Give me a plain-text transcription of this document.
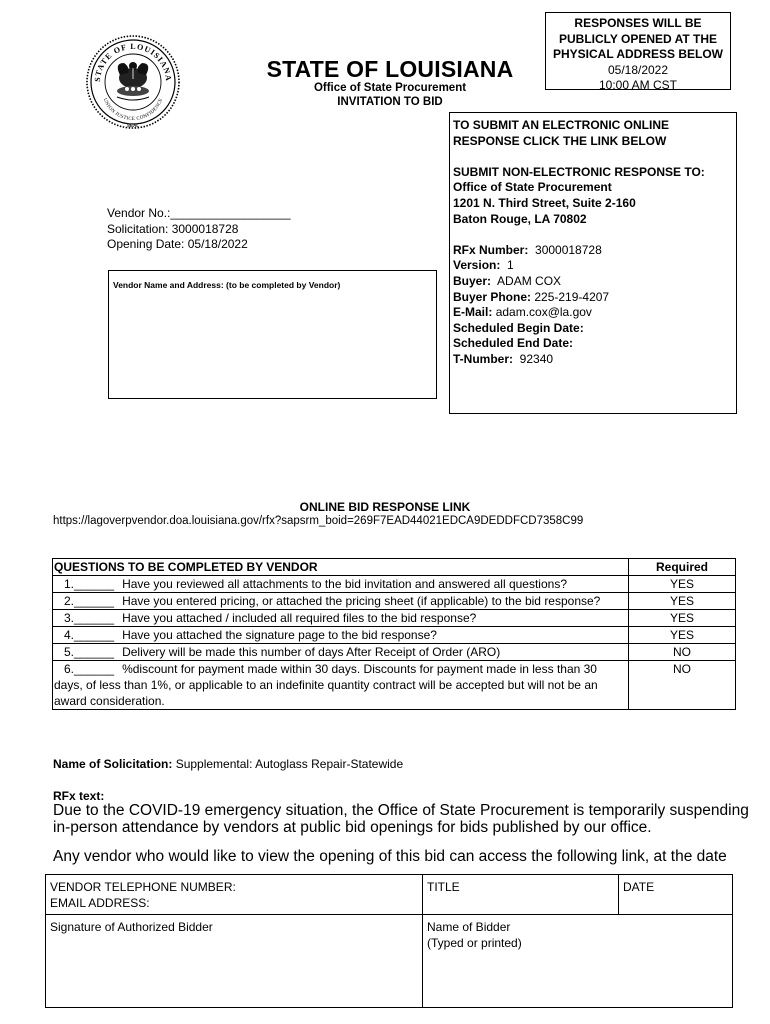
STATE OF LOUISIANA
UNION JUSTICE CONFIDENCE
SEAL
STATE OF LOUISIANA
Office of State Procurement
INVITATION TO BID
RESPONSES WILL BE
PUBLICLY OPENED AT THE
PHYSICAL ADDRESS BELOW
05/18/2022
10:00 AM CST
TO SUBMIT AN ELECTRONIC ONLINE
RESPONSE CLICK THE LINK BELOW
SUBMIT NON-ELECTRONIC RESPONSE TO:
Office of State Procurement
1201 N. Third Street, Suite 2-160
Baton Rouge, LA 70802
RFx Number: 3000018728
Version: 1
Buyer: ADAM COX
Buyer Phone: 225-219-4207
E-Mail: adam.cox@la.gov
Scheduled Begin Date:
Scheduled End Date:
T-Number: 92340
Vendor No.:__________________
Solicitation: 3000018728
Opening Date: 05/18/2022
Vendor Name and Address: (to be completed by Vendor)
ONLINE BID RESPONSE LINK
https://lagoverpvendor.doa.louisiana.gov/rfx?sapsrm_boid=269F7EAD44021EDCA9DEDDFCD7358C99
QUESTIONS TO BE COMPLETED BY VENDOR	Required
1.______ Have you reviewed all attachments to the bid invitation and answered all questions?	YES
2.______ Have you entered pricing, or attached the pricing sheet (if applicable) to the bid response?	YES
3.______ Have you attached / included all required files to the bid response?	YES
4.______ Have you attached the signature page to the bid response?	YES
5.______ Delivery will be made this number of days After Receipt of Order (ARO)	NO
6.______ %discount for payment made within 30 days. Discounts for payment made in less than 30 days, of less than 1%, or applicable to an indefinite quantity contract will be accepted but will not be an award consideration.	NO
Name of Solicitation: Supplemental: Autoglass Repair-Statewide
RFx text:
Due to the COVID-19 emergency situation, the Office of State Procurement is temporarily suspending in-person attendance by vendors at public bid openings for bids published by our office.
Any vendor who would like to view the opening of this bid can access the following link, at the date
VENDOR TELEPHONE NUMBER:
EMAIL ADDRESS:	TITLE	DATE
Signature of Authorized Bidder	Name of Bidder
(Typed or printed)	
